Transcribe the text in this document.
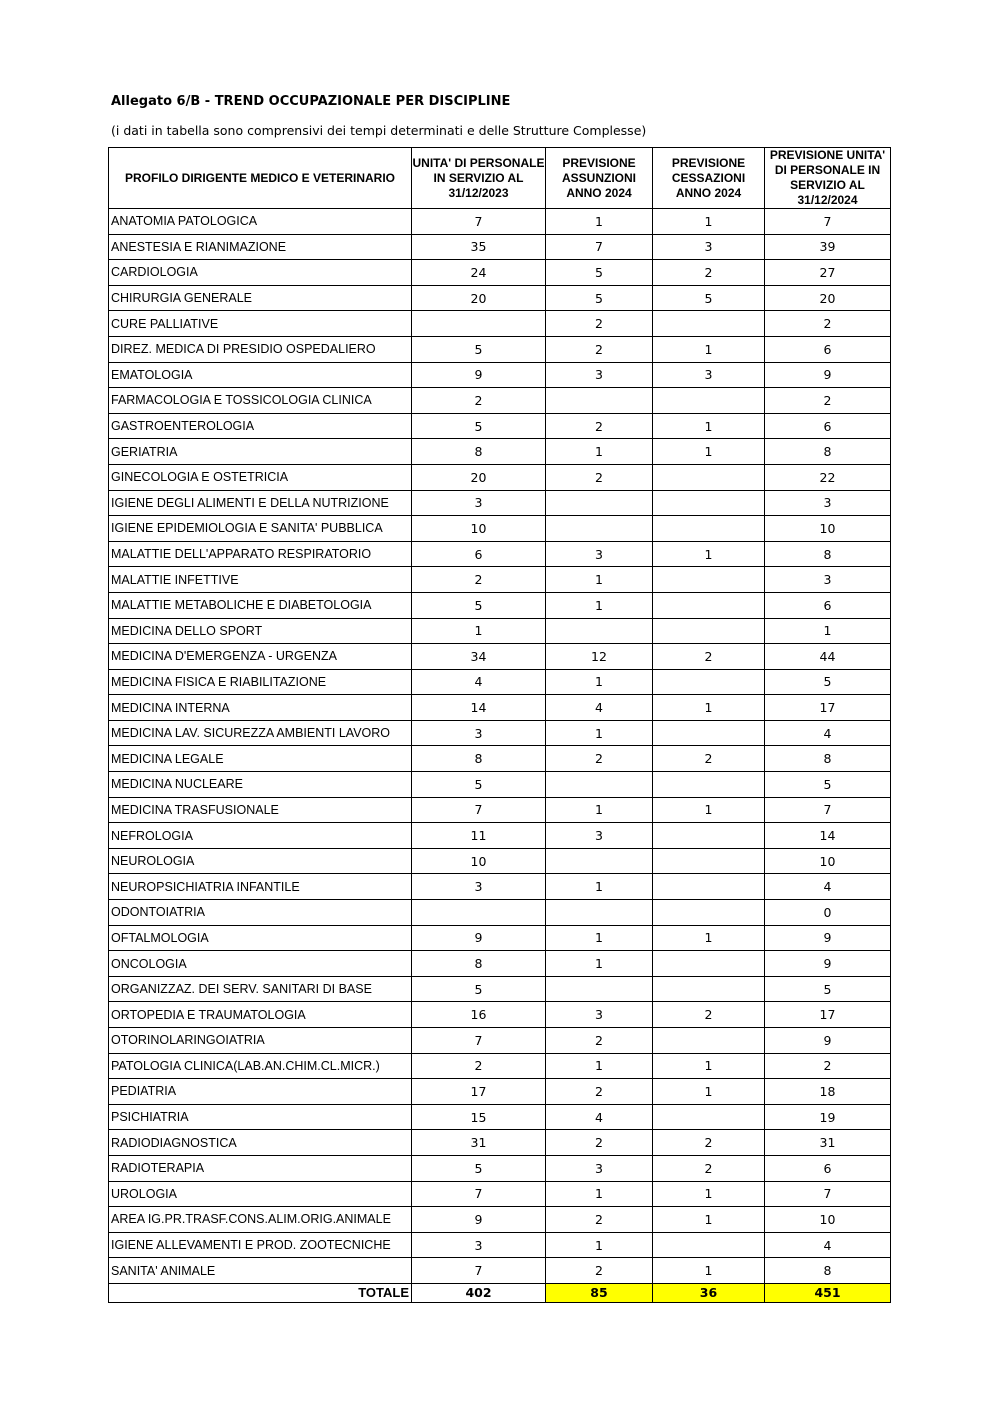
Allegato 6/B - TREND OCCUPAZIONALE PER DISCIPLINE
(i dati in tabella sono comprensivi dei tempi determinati e delle Strutture Complesse)
PROFILO DIRIGENTE MEDICO E VETERINARIO	UNITA' DI PERSONALE IN SERVIZIO AL 31/12/2023	PREVISIONE ASSUNZIONI ANNO 2024	PREVISIONE CESSAZIONI ANNO 2024	PREVISIONE UNITA' DI PERSONALE IN SERVIZIO AL 31/12/2024
ANATOMIA PATOLOGICA	7	1	1	7
ANESTESIA E RIANIMAZIONE	35	7	3	39
CARDIOLOGIA	24	5	2	27
CHIRURGIA GENERALE	20	5	5	20
CURE PALLIATIVE		2		2
DIREZ. MEDICA DI PRESIDIO OSPEDALIERO	5	2	1	6
EMATOLOGIA	9	3	3	9
FARMACOLOGIA E TOSSICOLOGIA CLINICA	2			2
GASTROENTEROLOGIA	5	2	1	6
GERIATRIA	8	1	1	8
GINECOLOGIA E OSTETRICIA	20	2		22
IGIENE DEGLI ALIMENTI E DELLA NUTRIZIONE	3			3
IGIENE EPIDEMIOLOGIA E SANITA' PUBBLICA	10			10
MALATTIE DELL'APPARATO RESPIRATORIO	6	3	1	8
MALATTIE INFETTIVE	2	1		3
MALATTIE METABOLICHE E DIABETOLOGIA	5	1		6
MEDICINA DELLO SPORT	1			1
MEDICINA D'EMERGENZA - URGENZA	34	12	2	44
MEDICINA FISICA E RIABILITAZIONE	4	1		5
MEDICINA INTERNA	14	4	1	17
MEDICINA LAV. SICUREZZA AMBIENTI LAVORO	3	1		4
MEDICINA LEGALE	8	2	2	8
MEDICINA NUCLEARE	5			5
MEDICINA TRASFUSIONALE	7	1	1	7
NEFROLOGIA	11	3		14
NEUROLOGIA	10			10
NEUROPSICHIATRIA INFANTILE	3	1		4
ODONTOIATRIA				0
OFTALMOLOGIA	9	1	1	9
ONCOLOGIA	8	1		9
ORGANIZZAZ. DEI SERV. SANITARI DI BASE	5			5
ORTOPEDIA E TRAUMATOLOGIA	16	3	2	17
OTORINOLARINGOIATRIA	7	2		9
PATOLOGIA CLINICA(LAB.AN.CHIM.CL.MICR.)	2	1	1	2
PEDIATRIA	17	2	1	18
PSICHIATRIA	15	4		19
RADIODIAGNOSTICA	31	2	2	31
RADIOTERAPIA	5	3	2	6
UROLOGIA	7	1	1	7
AREA IG.PR.TRASF.CONS.ALIM.ORIG.ANIMALE	9	2	1	10
IGIENE ALLEVAMENTI E PROD. ZOOTECNICHE	3	1		4
SANITA' ANIMALE	7	2	1	8
TOTALE	402	85	36	451
